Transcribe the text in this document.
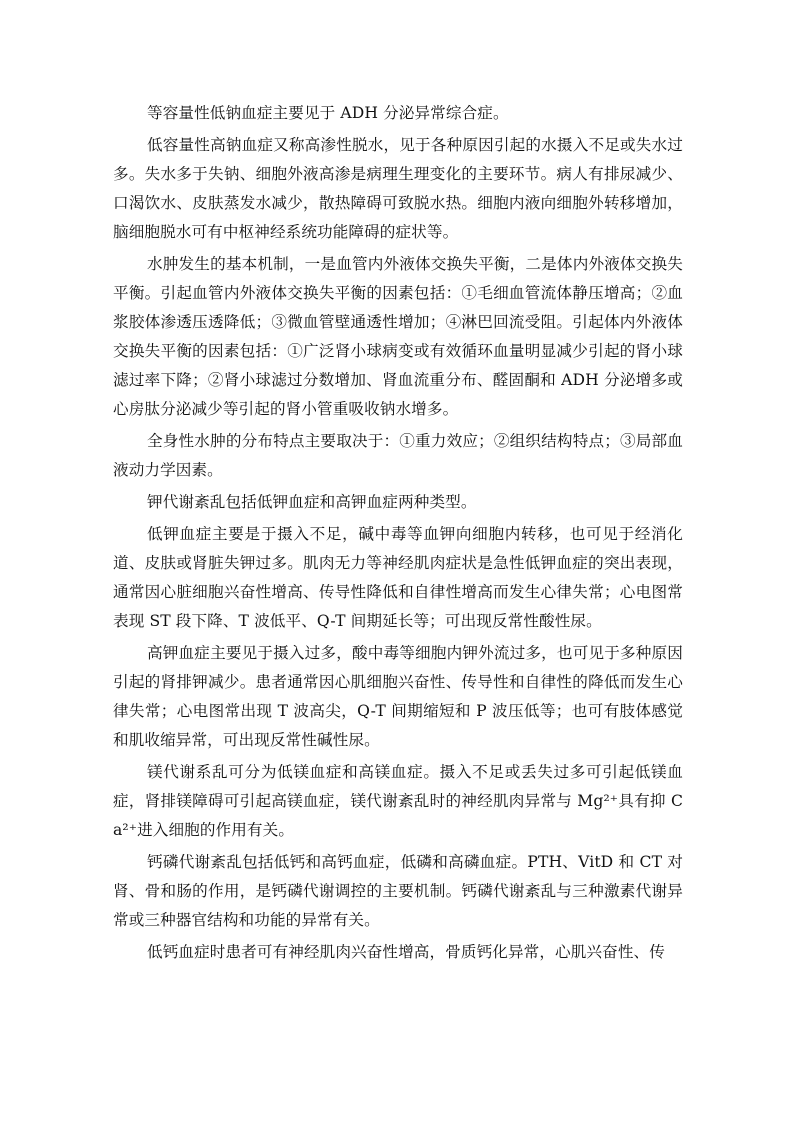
等容量性低钠血症主要见于 ADH 分泌异常综合症。

低容量性高钠血症又称高渗性脱水，见于各种原因引起的水摄入不足或失水过多。失水多于失钠、细胞外液高渗是病理生理变化的主要环节。病人有排尿减少、口渴饮水、皮肤蒸发水减少，散热障碍可致脱水热。细胞内液向细胞外转移增加，脑细胞脱水可有中枢神经系统功能障碍的症状等。

水肿发生的基本机制，一是血管内外液体交换失平衡，二是体内外液体交换失平衡。引起血管内外液体交换失平衡的因素包括：①毛细血管流体静压增高；②血浆胶体渗透压透降低；③微血管壁通透性增加；④淋巴回流受阻。引起体内外液体交换失平衡的因素包括：①广泛肾小球病变或有效循环血量明显减少引起的肾小球滤过率下降；②肾小球滤过分数增加、肾血流重分布、醛固酮和 ADH 分泌增多或心房肽分泌减少等引起的肾小管重吸收钠水增多。

全身性水肿的分布特点主要取决于：①重力效应；②组织结构特点；③局部血液动力学因素。

钾代谢紊乱包括低钾血症和高钾血症两种类型。

低钾血症主要是于摄入不足，碱中毒等血钾向细胞内转移，也可见于经消化道、皮肤或肾脏失钾过多。肌肉无力等神经肌肉症状是急性低钾血症的突出表现，通常因心脏细胞兴奋性增高、传导性降低和自律性增高而发生心律失常；心电图常表现 ST 段下降、T 波低平、Q-T 间期延长等；可出现反常性酸性尿。

高钾血症主要见于摄入过多，酸中毒等细胞内钾外流过多，也可见于多种原因引起的肾排钾减少。患者通常因心肌细胞兴奋性、传导性和自律性的降低而发生心律失常；心电图常出现 T 波高尖，Q-T 间期缩短和 P 波压低等；也可有肢体感觉和肌收缩异常，可出现反常性碱性尿。

镁代谢系乱可分为低镁血症和高镁血症。摄入不足或丢失过多可引起低镁血症，肾排镁障碍可引起高镁血症，镁代谢紊乱时的神经肌肉异常与 Mg²⁺具有抑 Ca²⁺进入细胞的作用有关。

钙磷代谢紊乱包括低钙和高钙血症，低磷和高磷血症。PTH、VitD 和 CT 对肾、骨和肠的作用，是钙磷代谢调控的主要机制。钙磷代谢紊乱与三种激素代谢异常或三种器官结构和功能的异常有关。

低钙血症时患者可有神经肌肉兴奋性增高，骨质钙化异常，心肌兴奋性、传
